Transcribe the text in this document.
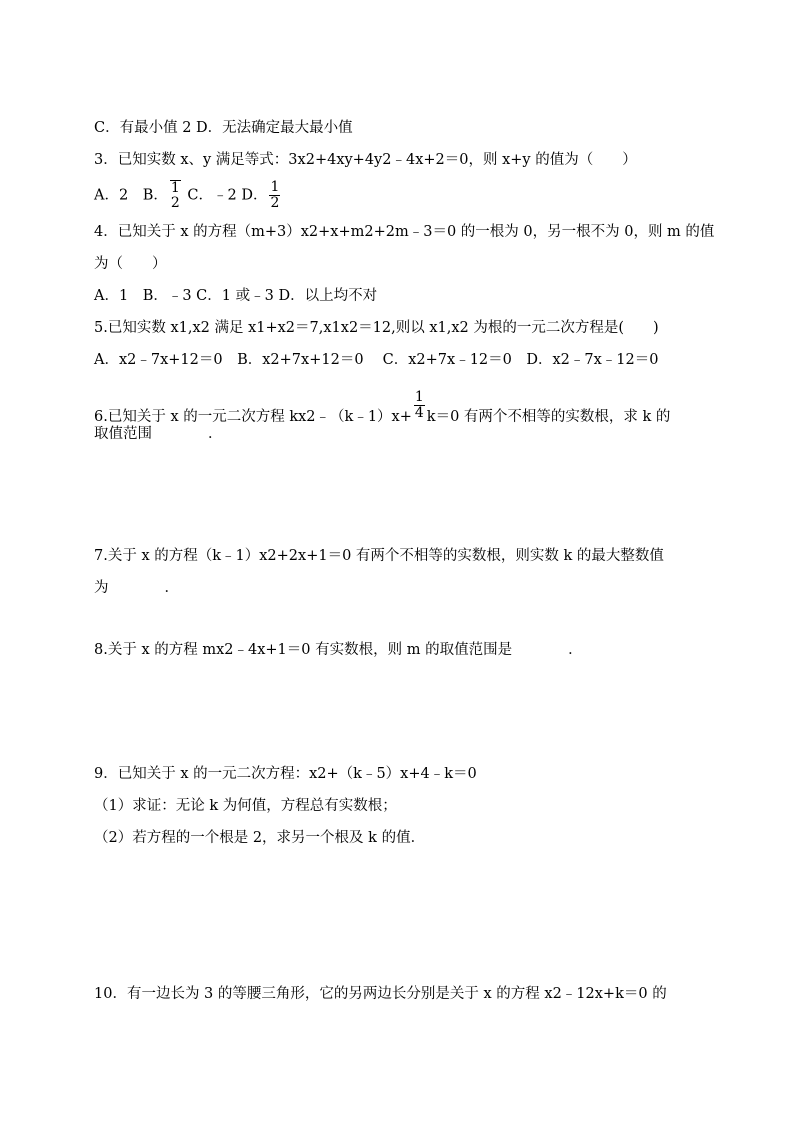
C．有最小值 2 D．无法确定最大最小值
3．已知实数 x、y 满足等式：3x2+4xy+4y2﹣4x+2＝0，则 x+y 的值为（　　）
A．2　B． 1
2 C．﹣2 D． $\frac{1}{2}$
4．已知关于 x 的方程（m+3）x2+x+m2+2m﹣3＝0 的一根为 0，另一根不为 0，则 m 的值
为（　　）
A．1　B．﹣3 C．1 或﹣3 D．以上均不对
5.已知实数 x1,x2 满足 x1+x2＝7,x1x2＝12,则以 x1,x2 为根的一元二次方程是(　　)
A．x2﹣7x+12＝0　B．x2+7x+12＝0　 C．x2+7x﹣12＝0　D．x2﹣7x﹣12＝0
6.已知关于 x 的一元二次方程 kx2﹣（k﹣1）x+ $\frac{1}{4} k=0$ 有两个不相等的实数根，求 k 的
取值范围	．
7.关于 x 的方程（k﹣1）x2+2x+1＝0 有两个不相等的实数根，则实数 k 的最大整数值
为	．
8.关于 x 的方程 mx2﹣4x+1＝0 有实数根，则 m 的取值范围是	．
9．已知关于 x 的一元二次方程：x2+（k﹣5）x+4﹣k＝0
（1）求证：无论 k 为何值，方程总有实数根；
（2）若方程的一个根是 2，求另一个根及 k 的值．
10．有一边长为 3 的等腰三角形，它的另两边长分别是关于 x 的方程 x2﹣12x+k＝0 的
